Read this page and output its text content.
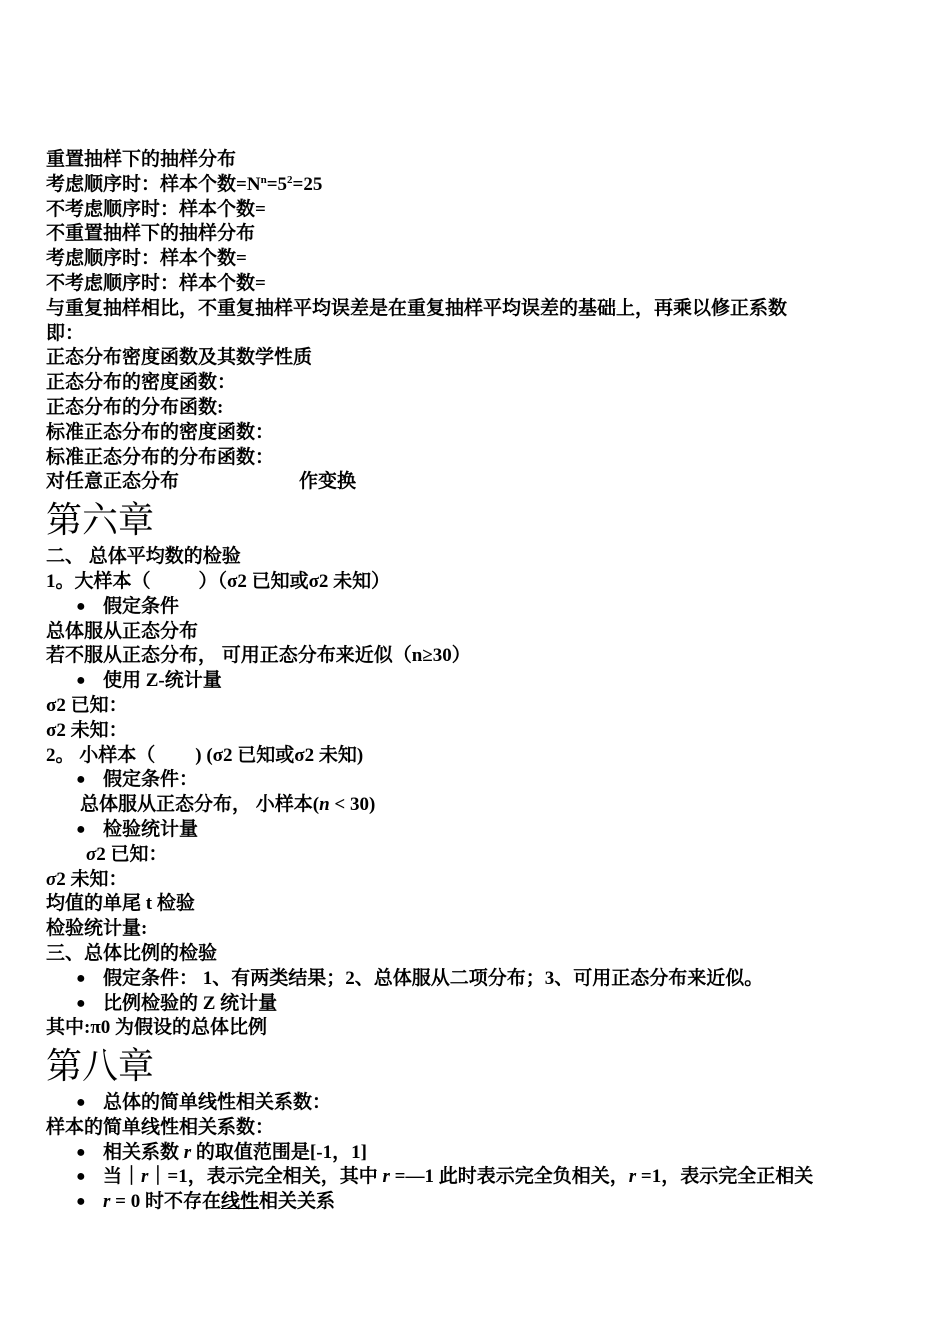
重置抽样下的抽样分布
考虑顺序时：样本个数$=N^n=5^2=25$
不考虑顺序时：样本个数=
不重置抽样下的抽样分布
考虑顺序时：样本个数=
不考虑顺序时：样本个数=
与重复抽样相比，不重复抽样平均误差是在重复抽样平均误差的基础上，再乘以修正系数
即：
正态分布密度函数及其数学性质
正态分布的密度函数：
正态分布的分布函数:
标准正态分布的密度函数：
标准正态分布的分布函数：
对任意正态分布	作变换
第六章
二、 总体平均数的检验
1。大样本（	）（σ2 已知或σ2 未知）
● 假定条件
总体服从正态分布
若不服从正态分布， 可用正态分布来近似（n≥30）
● 使用 Z-统计量
σ2 已知：
σ2 未知：
2。 小样本（ ) (σ2 已知或σ2 未知)
● 假定条件：
总体服从正态分布， 小样本(n < 30)
● 检验统计量
σ2 已知：
σ2 未知：
均值的单尾 t 检验
检验统计量:
三、总体比例的检验
● 假定条件： 1、有两类结果；2、总体服从二项分布；3、可用正态分布来近似。
● 比例检验的 Z 统计量
其中:π0 为假设的总体比例
第八章
● 总体的简单线性相关系数：
样本的简单线性相关系数：
● 相关系数 r 的取值范围是[-1，1]
● 当｜r｜=1，表示完全相关，其中 r =—1 此时表示完全负相关，r =1，表示完全正相关
● r = 0 时不存在线性相关关系
